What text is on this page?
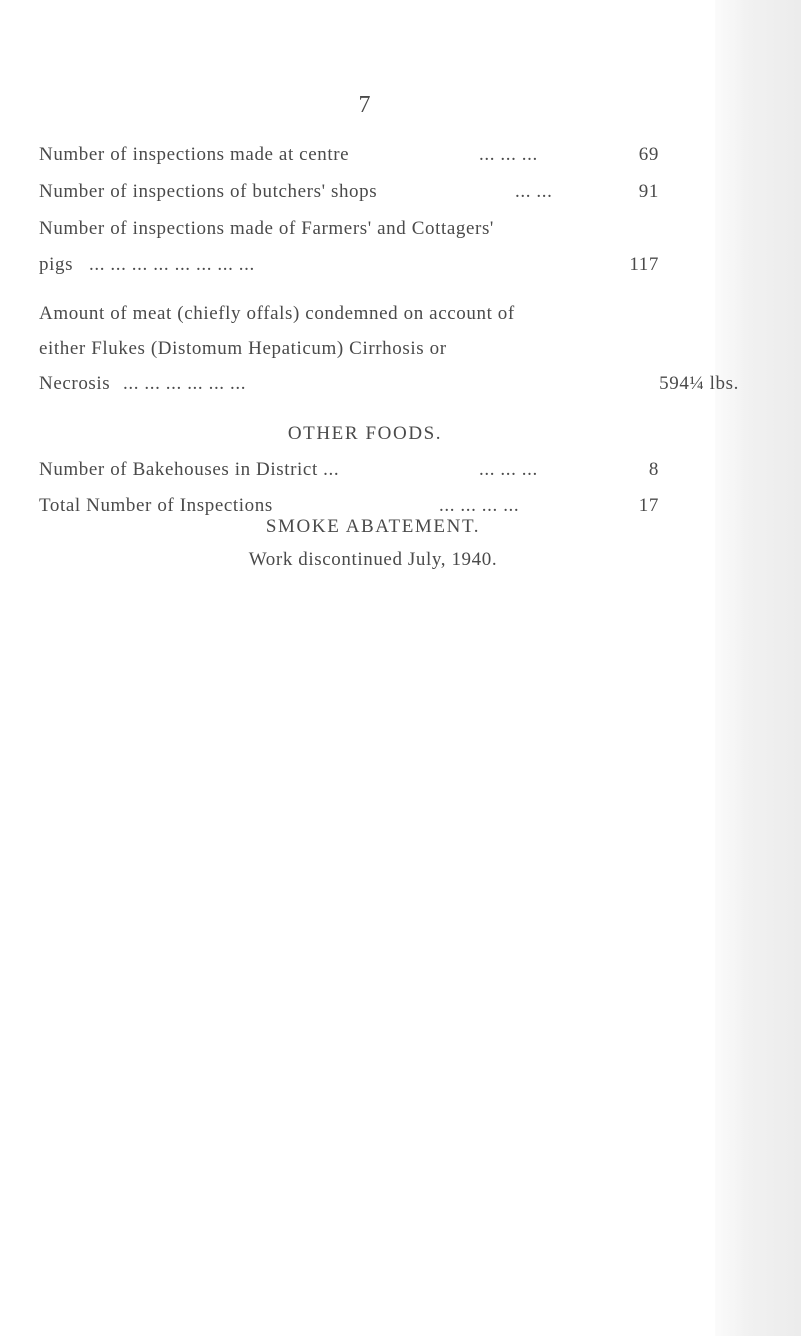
7
Number of inspections made at centre	... ... ...	69
Number of inspections of butchers' shops	... ...	91
Number of inspections made of Farmers' and Cottagers'
pigs ... ... ... ... ... ... ... ...	117
Amount of meat (chiefly offals) condemned on account of
either Flukes (Distomum Hepaticum) Cirrhosis or
Necrosis ... ... ... ... ... ...	594¼ lbs.
OTHER FOODS.
Number of Bakehouses in District ...	... ... ...	8
Total Number of Inspections	... ... ... ...	17
SMOKE ABATEMENT.
Work discontinued July, 1940.
